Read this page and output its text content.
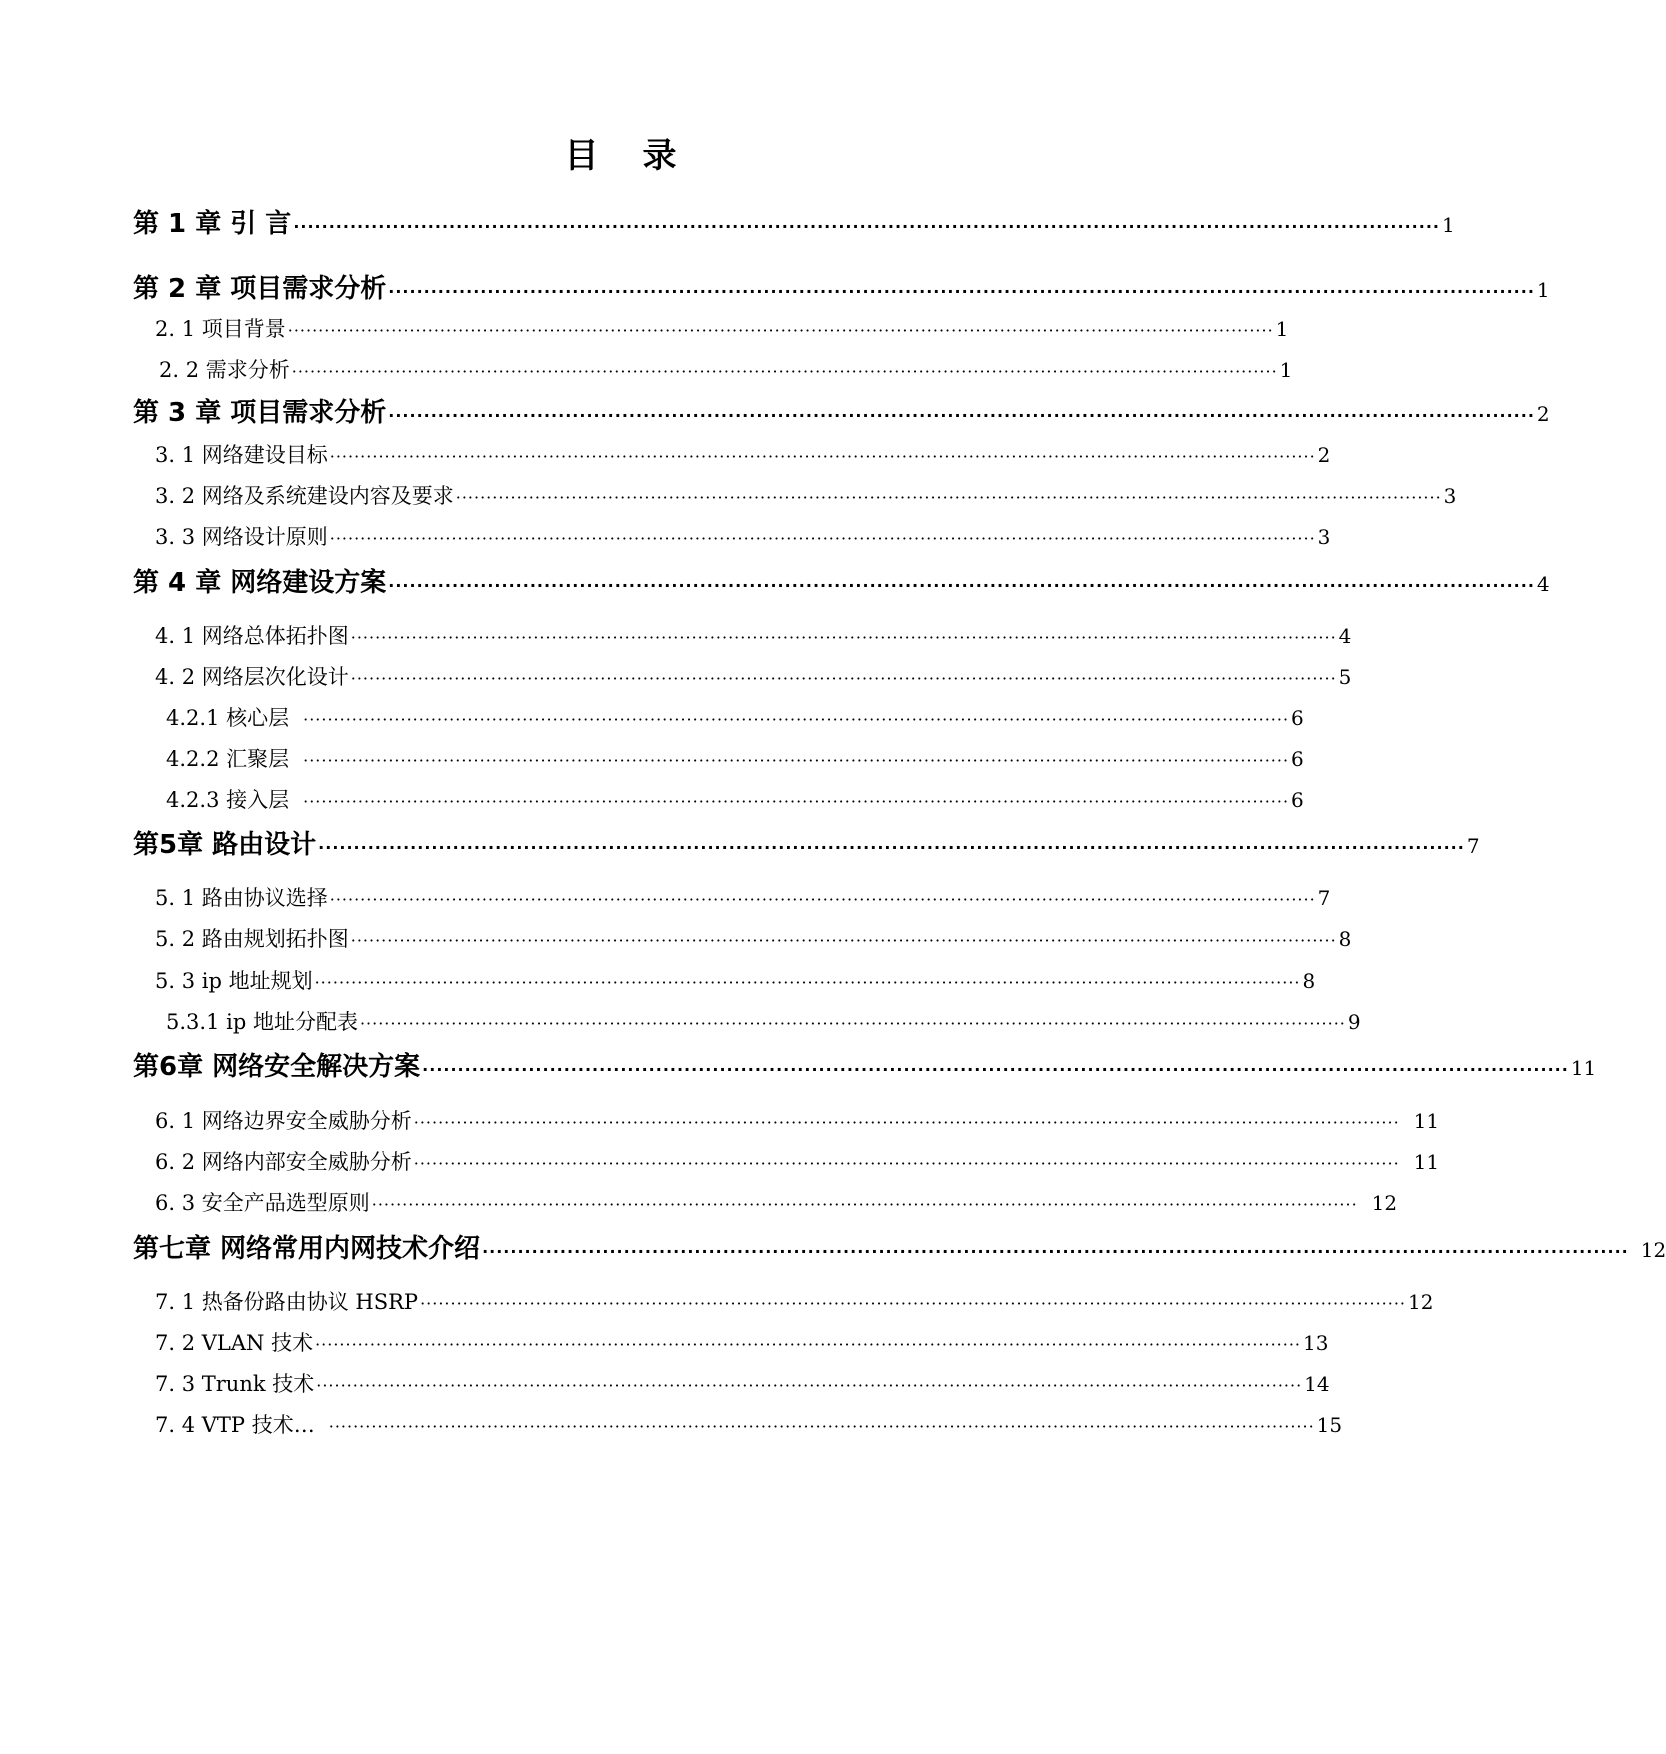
目 录
第 1 章 引 言 ·································································································································································· 1
第 2 章 项目需求分析 ·································································································································································· 1
2. 1 项目背景 ·································································································································································· 1
2. 2 需求分析 ·································································································································································· 1
第 3 章 项目需求分析 ·································································································································································· 2
3. 1 网络建设目标 ·································································································································································· 2
3. 2 网络及系统建设内容及要求 ·································································································································································· 3
3. 3 网络设计原则 ·································································································································································· 3
第 4 章 网络建设方案 ·································································································································································· 4
4. 1 网络总体拓扑图 ·································································································································································· 4
4. 2 网络层次化设计 ·································································································································································· 5
4.2.1 核心层 ·································································································································································· 6
4.2.2 汇聚层 ·································································································································································· 6
4.2.3 接入层 ·································································································································································· 6
第5章 路由设计 ·································································································································································· 7
5. 1 路由协议选择 ·································································································································································· 7
5. 2 路由规划拓扑图 ·································································································································································· 8
5. 3 ip 地址规划 ·································································································································································· 8
5.3.1 ip 地址分配表 ·································································································································································· 9
第6章 网络安全解决方案 ·································································································································································· 11
6. 1 网络边界安全威胁分析 ·································································································································································· 11
6. 2 网络内部安全威胁分析 ·································································································································································· 11
6. 3 安全产品选型原则 ·································································································································································· 12
第七章 网络常用内网技术介绍 ·································································································································································· 12
7. 1 热备份路由协议 HSRP ·································································································································································· 12
7. 2 VLAN 技术 ·································································································································································· 13
7. 3 Trunk 技术 ·································································································································································· 14
7. 4 VTP 技术… ·································································································································································· 15
